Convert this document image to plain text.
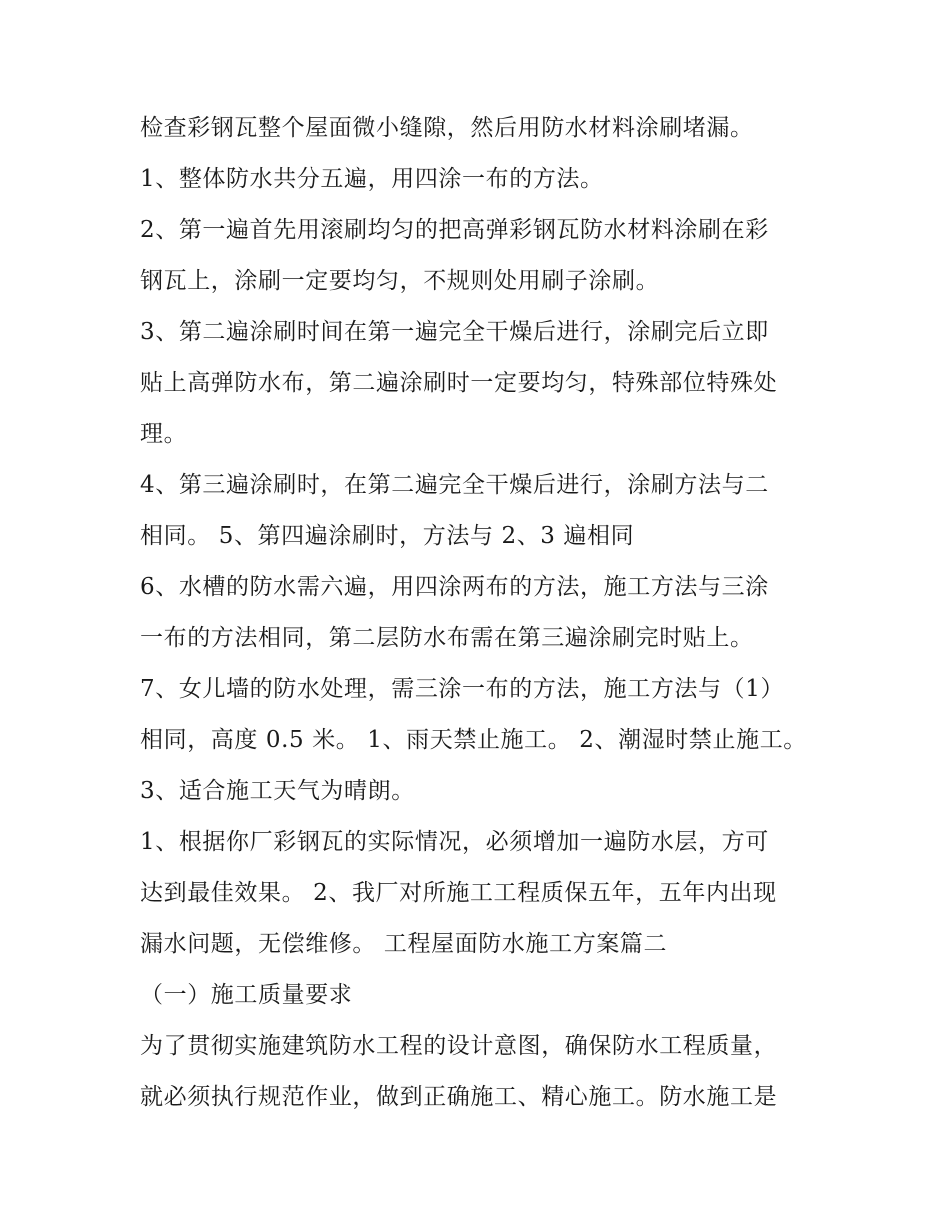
检查彩钢瓦整个屋面微小缝隙，然后用防水材料涂刷堵漏。
1、整体防水共分五遍，用四涂一布的方法。
2、第一遍首先用滚刷均匀的把高弹彩钢瓦防水材料涂刷在彩
钢瓦上，涂刷一定要均匀，不规则处用刷子涂刷。
3、第二遍涂刷时间在第一遍完全干燥后进行，涂刷完后立即
贴上高弹防水布，第二遍涂刷时一定要均匀，特殊部位特殊处
理。
4、第三遍涂刷时，在第二遍完全干燥后进行，涂刷方法与二
相同。 5、第四遍涂刷时，方法与 2、3 遍相同
6、水槽的防水需六遍，用四涂两布的方法，施工方法与三涂
一布的方法相同，第二层防水布需在第三遍涂刷完时贴上。
7、女儿墙的防水处理，需三涂一布的方法，施工方法与（1）
相同，高度 0.5 米。 1、雨天禁止施工。 2、潮湿时禁止施工。
3、适合施工天气为晴朗。
1、根据你厂彩钢瓦的实际情况，必须增加一遍防水层，方可
达到最佳效果。 2、我厂对所施工工程质保五年，五年内出现
漏水问题，无偿维修。 工程屋面防水施工方案篇二
（一）施工质量要求
为了贯彻实施建筑防水工程的设计意图，确保防水工程质量，
就必须执行规范作业，做到正确施工、精心施工。防水施工是
